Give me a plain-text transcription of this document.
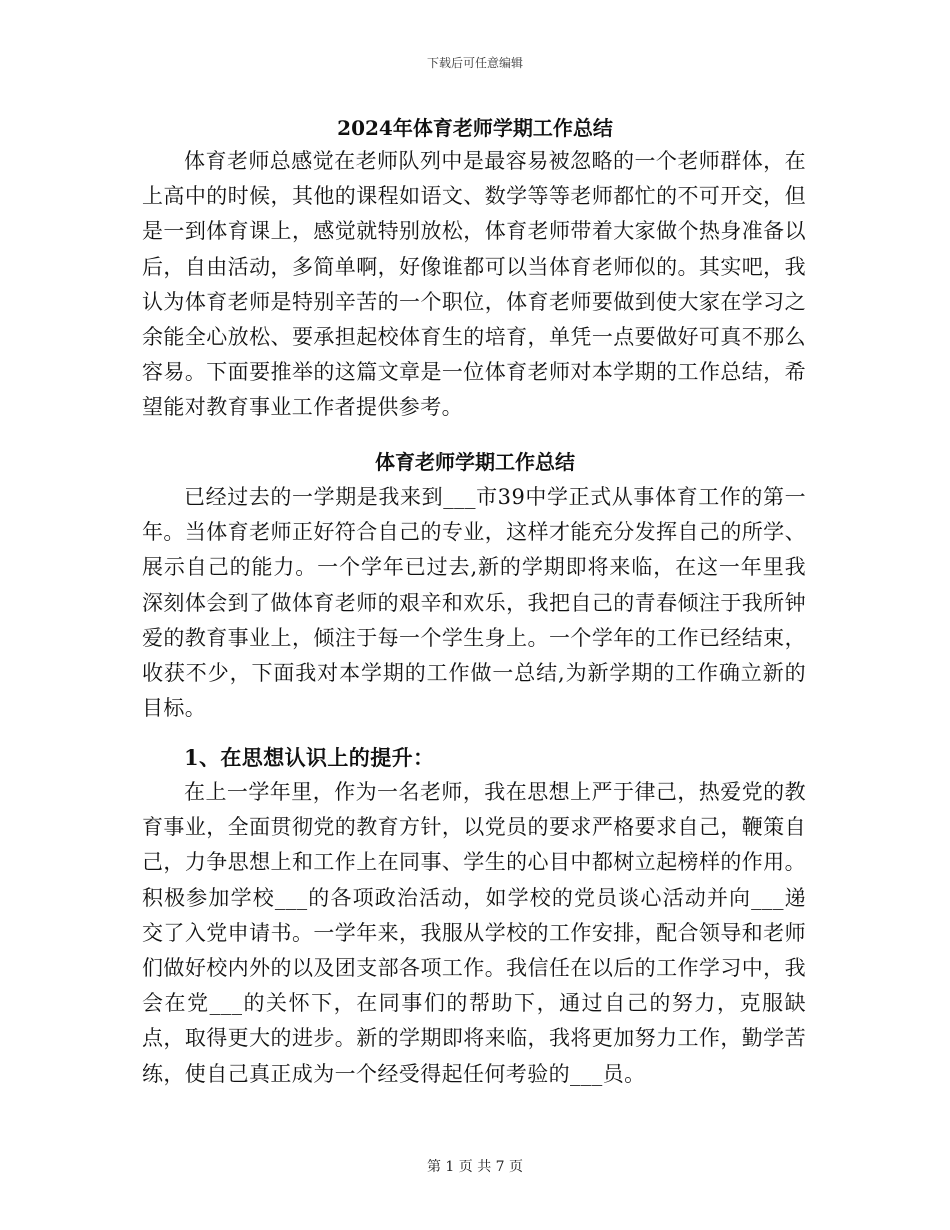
下载后可任意编辑
2024年体育老师学期工作总结

体育老师总感觉在老师队列中是最容易被忽略的一个老师群体，在上高中的时候，其他的课程如语文、数学等等老师都忙的不可开交，但是一到体育课上，感觉就特别放松，体育老师带着大家做个热身准备以后，自由活动，多简单啊，好像谁都可以当体育老师似的。其实吧，我认为体育老师是特别辛苦的一个职位，体育老师要做到使大家在学习之余能全心放松、要承担起校体育生的培育，单凭一点要做好可真不那么容易。下面要推举的这篇文章是一位体育老师对本学期的工作总结，希望能对教育事业工作者提供参考。

体育老师学期工作总结

已经过去的一学期是我来到___市39中学正式从事体育工作的第一年。当体育老师正好符合自己的专业，这样才能充分发挥自己的所学、展示自己的能力。一个学年已过去,新的学期即将来临，在这一年里我深刻体会到了做体育老师的艰辛和欢乐，我把自己的青春倾注于我所钟爱的教育事业上，倾注于每一个学生身上。一个学年的工作已经结束，收获不少，下面我对本学期的工作做一总结,为新学期的工作确立新的目标。

1、在思想认识上的提升：

在上一学年里，作为一名老师，我在思想上严于律己，热爱党的教育事业，全面贯彻党的教育方针，以党员的要求严格要求自己，鞭策自己，力争思想上和工作上在同事、学生的心目中都树立起榜样的作用。积极参加学校___的各项政治活动，如学校的党员谈心活动并向___递交了入党申请书。一学年来，我服从学校的工作安排，配合领导和老师们做好校内外的以及团支部各项工作。我信任在以后的工作学习中，我会在党___的关怀下，在同事们的帮助下，通过自己的努力，克服缺点，取得更大的进步。新的学期即将来临，我将更加努力工作，勤学苦练，使自己真正成为一个经受得起任何考验的___员。

第 1 页 共 7 页
